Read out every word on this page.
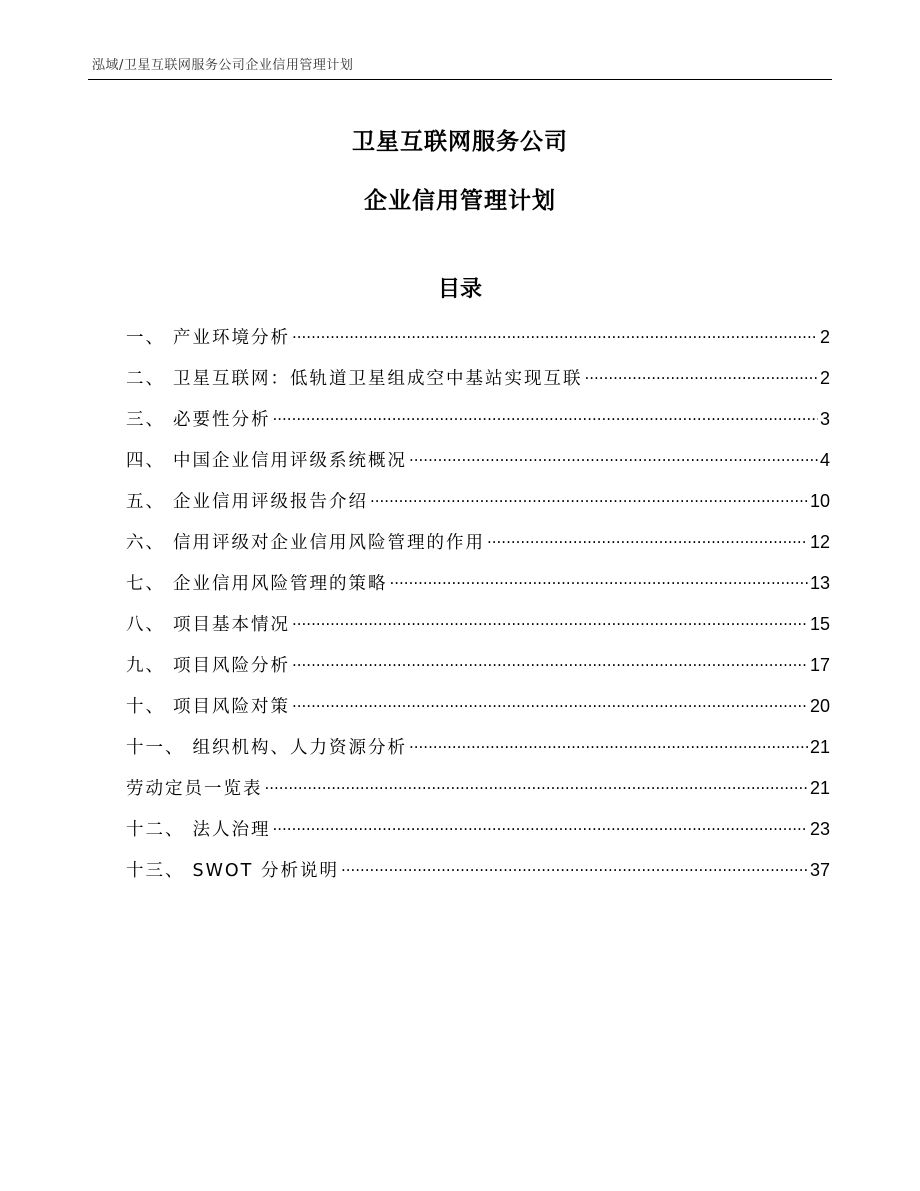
泓域/卫星互联网服务公司企业信用管理计划
卫星互联网服务公司
企业信用管理计划
目录
一、 产业环境分析 .....	2
二、 卫星互联网：低轨道卫星组成空中基站实现互联 .....	2
三、 必要性分析 .....	3
四、 中国企业信用评级系统概况 .....	4
五、 企业信用评级报告介绍 .....	10
六、 信用评级对企业信用风险管理的作用 .....	12
七、 企业信用风险管理的策略 .....	13
八、 项目基本情况 .....	15
九、 项目风险分析 .....	17
十、 项目风险对策 .....	20
十一、 组织机构、人力资源分析 .....	21
劳动定员一览表 .....	21
十二、 法人治理 .....	23
十三、 SWOT 分析说明 .....	37
